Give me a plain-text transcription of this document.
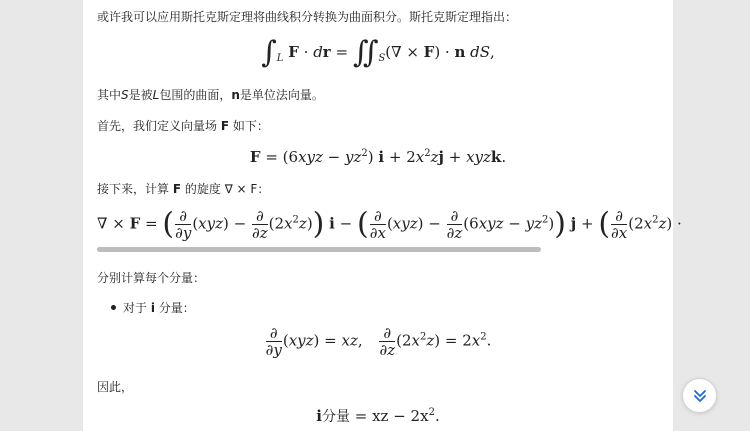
或许我可以应用斯托克斯定理将曲线积分转换为曲面积分。斯托克斯定理指出：
$\int_L$ F · dr = $∬_S(\nabla \times F) \cdot n$ dS,
其中S是被L包围的曲面，n是单位法向量。
首先，我们定义向量场 F 如下：
$F = (6xyz - yz^2)$ $i + 2x^2zj$ + xyzk.
接下来，计算 F 的旋度 ∇ × F：
∇ × F = ( $\frac{\partial}{\partial y} (xyz) - \frac{\partial}{\partial z} (2x^2z)$) i − ( $\frac{\partial}{\partial x} (xyz) - \frac{\partial}{\partial z} (6xyz - yz^2)$) j + ( $\frac{\partial}{\partial x} (2x^2z)$ ·
分别计算每个分量：
对于 i 分量：
$\frac{\partial}{\partial y} (xyz)$ = xz, $\frac{\partial}{\partial z} (2x^2z) = 2x^2$.
因此，
i分量 = xz − $2x^2$.
